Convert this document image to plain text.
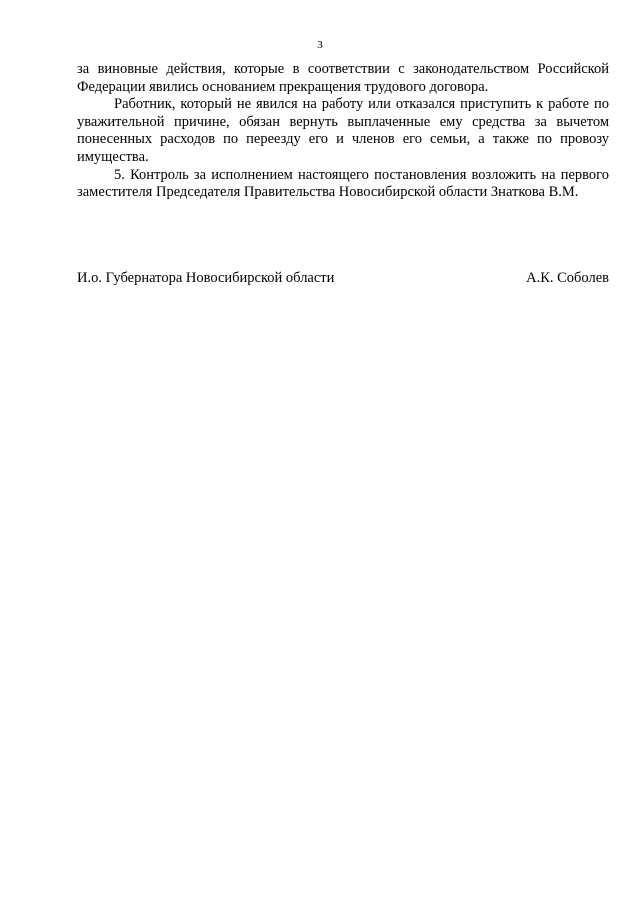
3

за виновные действия, которые в соответствии с законодательством Российской Федерации явились основанием прекращения трудового договора.

Работник, который не явился на работу или отказался приступить к работе по уважительной причине, обязан вернуть выплаченные ему средства за вычетом понесенных расходов по переезду его и членов его семьи, а также по провозу имущества.

5. Контроль за исполнением настоящего постановления возложить на первого заместителя Председателя Правительства Новосибирской области Знаткова В.М.

И.о. Губернатора Новосибирской области	А.К. Соболев
